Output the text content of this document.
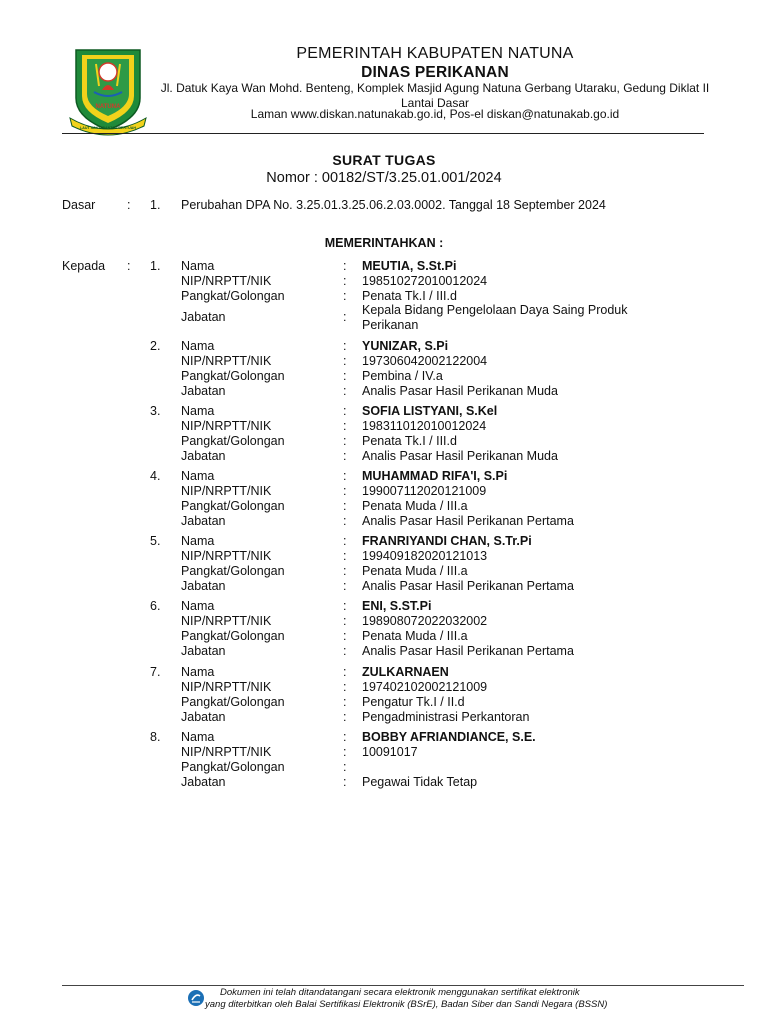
NATUNA
LAUT SAKTI RANTAU BERTUAH
PEMERINTAH KABUPATEN NATUNA
DINAS PERIKANAN
Jl. Datuk Kaya Wan Mohd. Benteng, Komplek Masjid Agung Natuna Gerbang Utaraku, Gedung Diklat II Lantai Dasar
Laman www.diskan.natunakab.go.id, Pos-el diskan@natunakab.go.id
SURAT TUGAS
Nomor : 00182/ST/3.25.01.001/2024
Dasar	: 1. Perubahan DPA No. 3.25.01.3.25.06.2.03.0002. Tanggal 18 September 2024
MEMERINTAHKAN :
Kepada : 1. Nama	: MEUTIA, S.St.Pi
NIP/NRPTT/NIK	: 198510272010012024
Pangkat/Golongan	: Penata Tk.I / III.d
Jabatan	: Kepala Bidang Pengelolaan Daya Saing Produk Perikanan
2. Nama	: YUNIZAR, S.Pi
NIP/NRPTT/NIK	: 197306042002122004
Pangkat/Golongan	: Pembina / IV.a
Jabatan	: Analis Pasar Hasil Perikanan Muda
3. Nama	: SOFIA LISTYANI, S.Kel
NIP/NRPTT/NIK	: 198311012010012024
Pangkat/Golongan	: Penata Tk.I / III.d
Jabatan	: Analis Pasar Hasil Perikanan Muda
4. Nama	: MUHAMMAD RIFA'I, S.Pi
NIP/NRPTT/NIK	: 199007112020121009
Pangkat/Golongan	: Penata Muda / III.a
Jabatan	: Analis Pasar Hasil Perikanan Pertama
5. Nama	: FRANRIYANDI CHAN, S.Tr.Pi
NIP/NRPTT/NIK	: 199409182020121013
Pangkat/Golongan	: Penata Muda / III.a
Jabatan	: Analis Pasar Hasil Perikanan Pertama
6. Nama	: ENI, S.ST.Pi
NIP/NRPTT/NIK	: 198908072022032002
Pangkat/Golongan	: Penata Muda / III.a
Jabatan	: Analis Pasar Hasil Perikanan Pertama
7. Nama	: ZULKARNAEN
NIP/NRPTT/NIK	: 197402102002121009
Pangkat/Golongan	: Pengatur Tk.I / II.d
Jabatan	: Pengadministrasi Perkantoran
8. Nama	: BOBBY AFRIANDIANCE, S.E.
NIP/NRPTT/NIK	: 10091017
Pangkat/Golongan	:
Jabatan	: Pegawai Tidak Tetap
Dokumen ini telah ditandatangani secara elektronik menggunakan sertifikat elektronik
yang diterbitkan oleh Balai Sertifikasi Elektronik (BSrE), Badan Siber dan Sandi Negara (BSSN)
